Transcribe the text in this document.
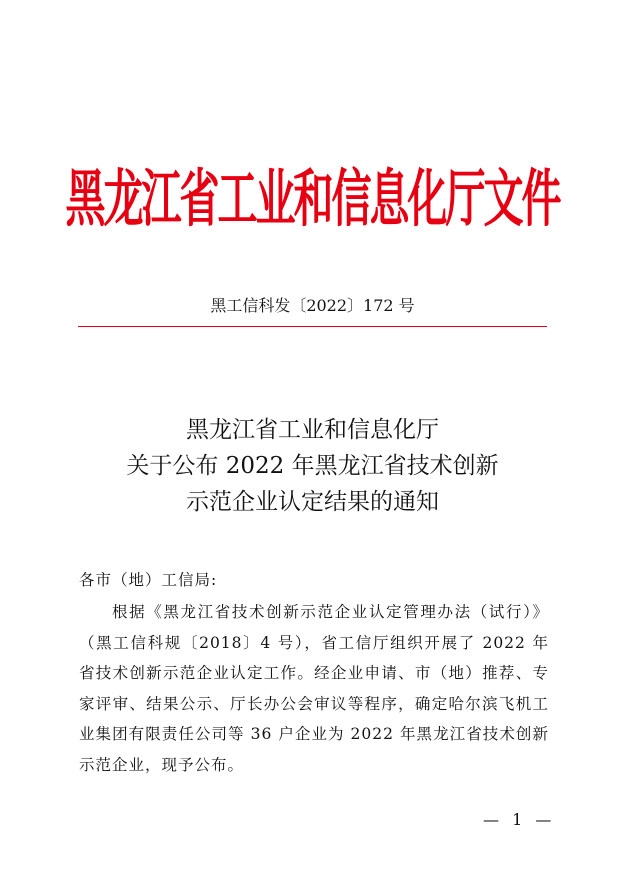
黑龙江省工业和信息化厅文件
黑工信科发〔2022〕172 号
黑龙江省工业和信息化厅
关于公布 2022 年黑龙江省技术创新
示范企业认定结果的通知
各市（地）工信局:
根据《黑龙江省技术创新示范企业认定管理办法（试行）》（黑工信科规〔2018〕4 号），省工信厅组织开展了 2022 年省技术创新示范企业认定工作。经企业申请、市（地）推荐、专家评审、结果公示、厅长办公会审议等程序，确定哈尔滨飞机工业集团有限责任公司等 36 户企业为 2022 年黑龙江省技术创新示范企业，现予公布。
— 1 —
